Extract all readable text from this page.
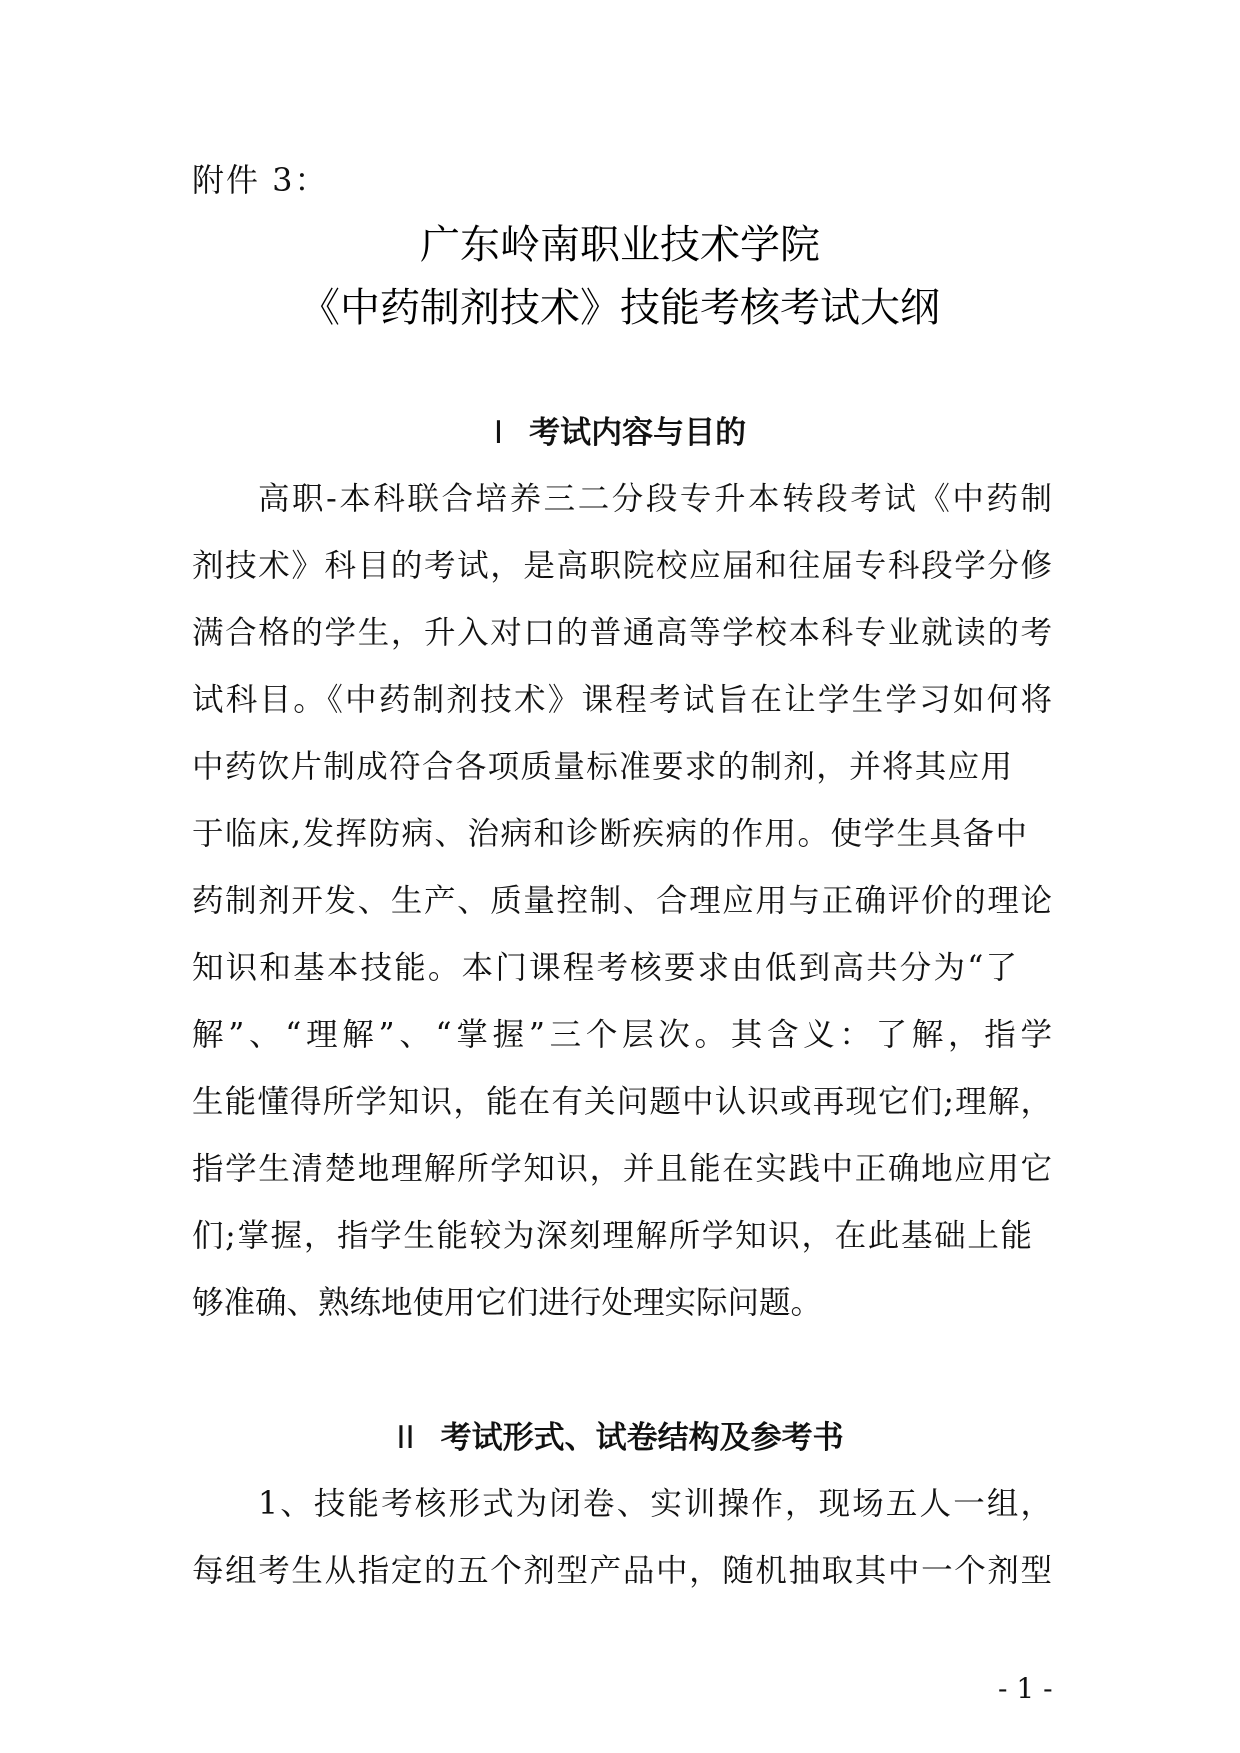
附件 3：
广东岭南职业技术学院
《中药制剂技术》技能考核考试大纲
I 考试内容与目的
高职-本科联合培养三二分段专升本转段考试《中药制
剂技术》科目的考试，是高职院校应届和往届专科段学分修
满合格的学生，升入对口的普通高等学校本科专业就读的考
试科目。《中药制剂技术》课程考试旨在让学生学习如何将
中药饮片制成符合各项质量标准要求的制剂，并将其应用
于临床,发挥防病、治病和诊断疾病的作用。使学生具备中
药制剂开发、生产、质量控制、合理应用与正确评价的理论
知识和基本技能。本门课程考核要求由低到高共分为“了
解”、“理解”、“掌握”三个层次。其含义：了解，指学
生能懂得所学知识，能在有关问题中认识或再现它们;理解，
指学生清楚地理解所学知识，并且能在实践中正确地应用它
们;掌握，指学生能较为深刻理解所学知识，在此基础上能
够准确、熟练地使用它们进行处理实际问题。
II 考试形式、试卷结构及参考书
1、技能考核形式为闭卷、实训操作，现场五人一组，
每组考生从指定的五个剂型产品中，随机抽取其中一个剂型
- 1 -
